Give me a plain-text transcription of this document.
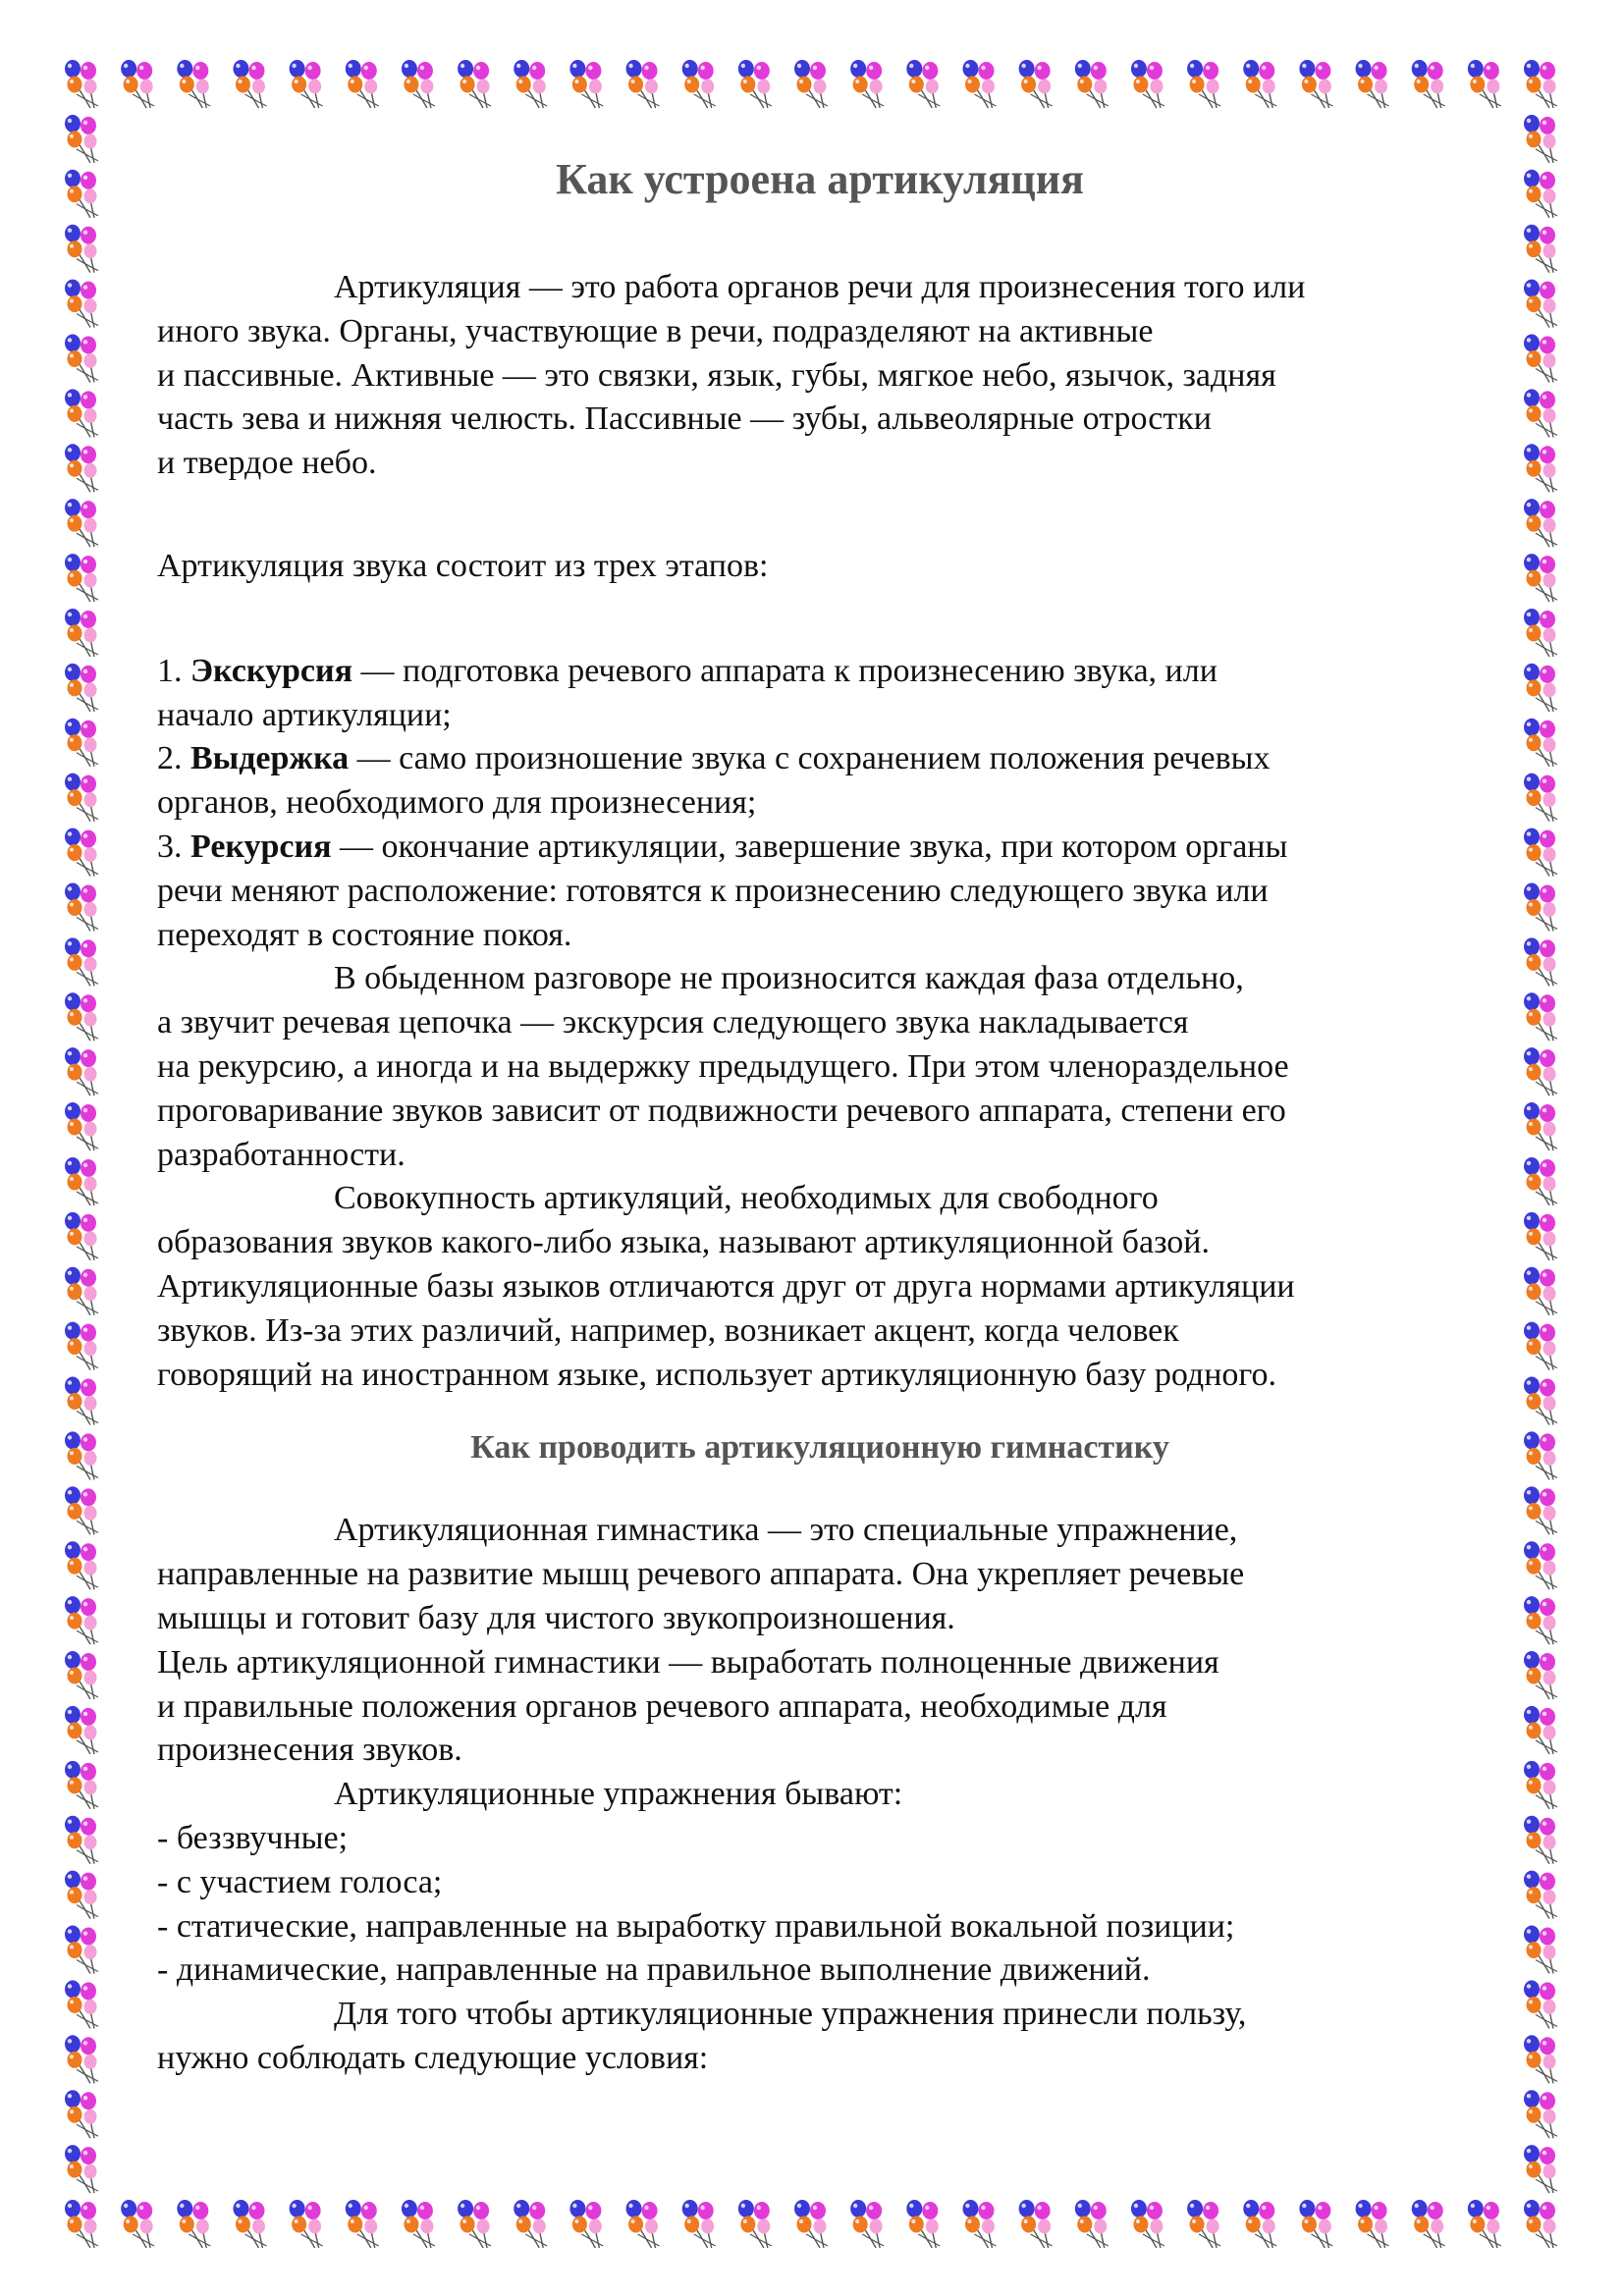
Как устроена артикуляция

Артикуляция — это работа органов речи для произнесения того или
иного звука. Органы, участвующие в речи, подразделяют на активные
и пассивные. Активные — это связки, язык, губы, мягкое небо, язычок, задняя
часть зева и нижняя челюсть. Пассивные — зубы, альвеолярные отростки
и твердое небо.

Артикуляция звука состоит из трех этапов:

1. Экскурсия — подготовка речевого аппарата к произнесению звука, или
начало артикуляции;

2. Выдержка — само произношение звука с сохранением положения речевых
органов, необходимого для произнесения;

3. Рекурсия — окончание артикуляции, завершение звука, при котором органы
речи меняют расположение: готовятся к произнесению следующего звука или
переходят в состояние покоя.

В обыденном разговоре не произносится каждая фаза отдельно,
а звучит речевая цепочка — экскурсия следующего звука накладывается
на рекурсию, а иногда и на выдержку предыдущего. При этом членораздельное
проговаривание звуков зависит от подвижности речевого аппарата, степени его
разработанности.

Совокупность артикуляций, необходимых для свободного
образования звуков какого-либо языка, называют артикуляционной базой.
Артикуляционные базы языков отличаются друг от друга нормами артикуляции
звуков. Из-за этих различий, например, возникает акцент, когда человек
говорящий на иностранном языке, использует артикуляционную базу родного.

Как проводить артикуляционную гимнастику

Артикуляционная гимнастика — это специальные упражнение,
направленные на развитие мышц речевого аппарата. Она укрепляет речевые
мышцы и готовит базу для чистого звукопроизношения.

Цель артикуляционной гимнастики — выработать полноценные движения
и правильные положения органов речевого аппарата, необходимые для
произнесения звуков.

Артикуляционные упражнения бывают:

- беззвучные;

- с участием голоса;

- статические, направленные на выработку правильной вокальной позиции;

- динамические, направленные на правильное выполнение движений.

Для того чтобы артикуляционные упражнения принесли пользу,
нужно соблюдать следующие условия:
